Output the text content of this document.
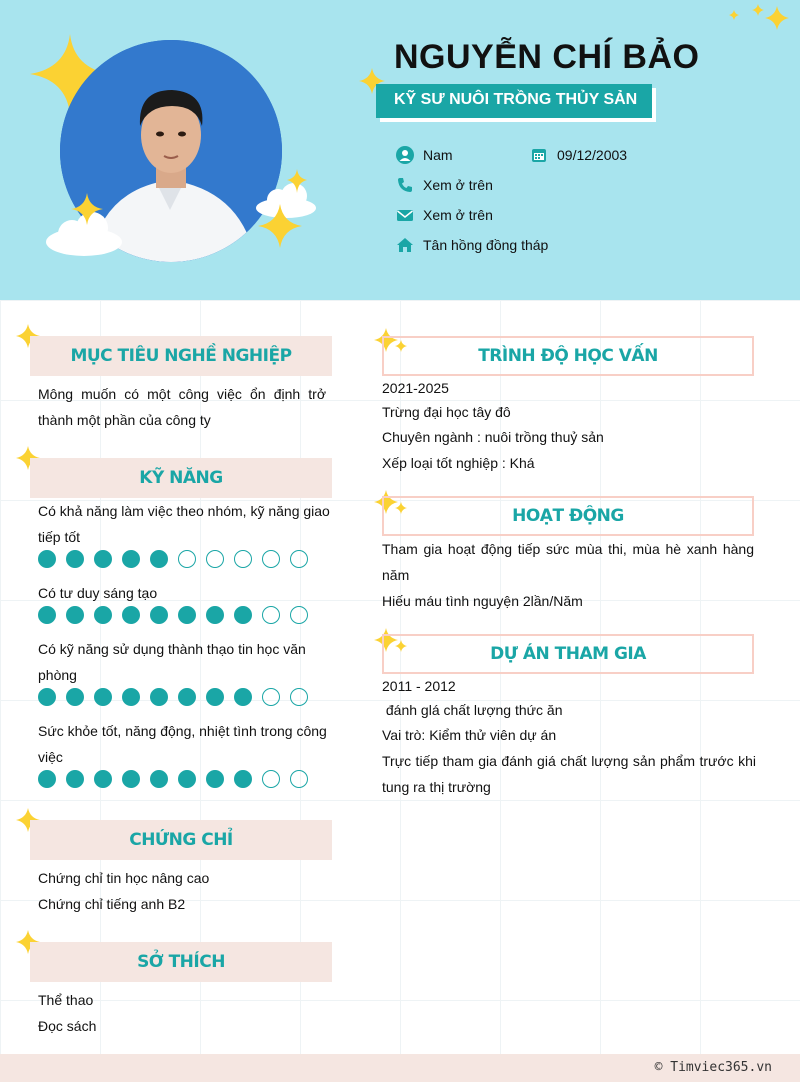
NGUYỄN CHÍ BẢO
KỸ SƯ NUÔI TRỒNG THỦY SẢN
Nam	09/12/2003
Xem ở trên
Xem ở trên
Tân hồng đồng tháp
MỤC TIÊU NGHỀ NGHIỆP
Mông muốn có một công việc ổn định trở thành một phần của công ty
KỸ NĂNG
Có khả năng làm việc theo nhóm, kỹ năng giao tiếp tốt
Có tư duy sáng tạo
Có kỹ năng sử dụng thành thạo tin học văn phòng
Sức khỏe tốt, năng động, nhiệt tình trong công việc
CHỨNG CHỈ
Chứng chỉ tin học nâng cao
Chứng chỉ tiếng anh B2
SỞ THÍCH
Thể thao
Đọc sách
TRÌNH ĐỘ HỌC VẤN
2021-2025
Trừng đại học tây đô
Chuyên ngành : nuôi trồng thuỷ sản
Xếp loại tốt nghiệp : Khá
HOẠT ĐỘNG
Tham gia hoạt động tiếp sức mùa thi, mùa hè xanh hàng năm
Hiếu máu tình nguyện 2lần/Năm
DỰ ÁN THAM GIA
2011 - 2012
đánh glá chất lượng thức ăn
Vai trò: Kiểm thử viên dự án
Trực tiếp tham gia đánh giá chất lượng sản phẩm trước khi tung ra thị trường
© Timviec365.vn
